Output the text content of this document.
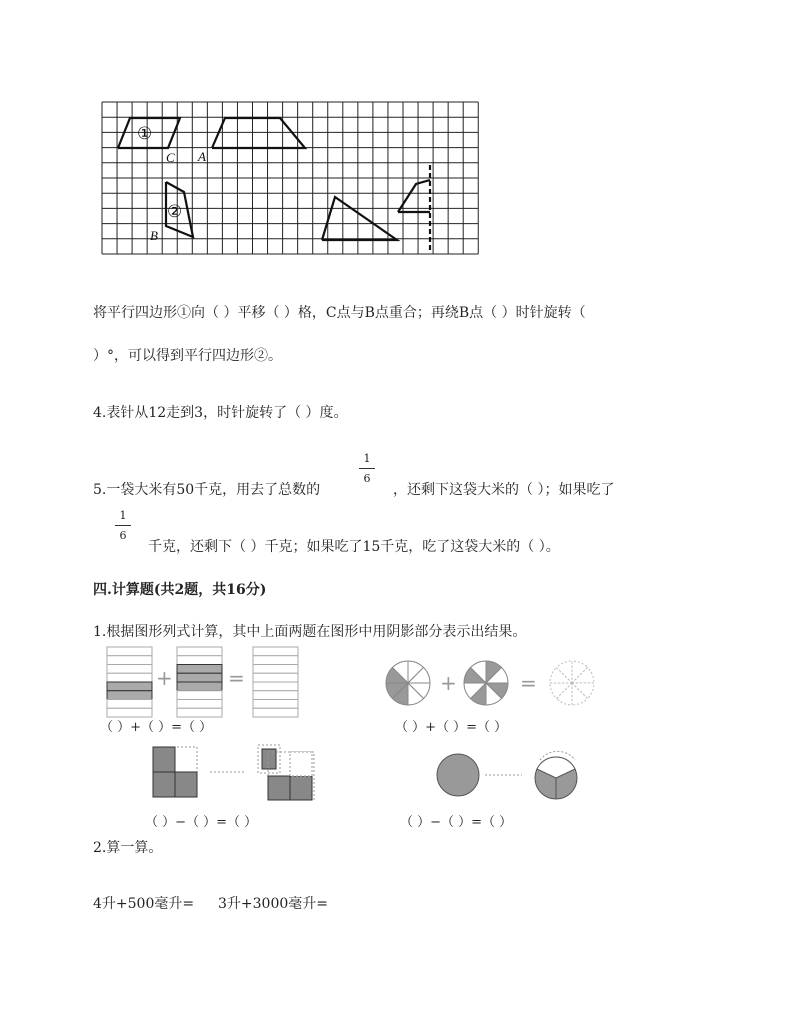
①
②
C A
B
将平行四边形①向（ ）平移（ ）格，C点与B点重合；再绕B点（ ）时针旋转（
）°，可以得到平行四边形②。
4.表针从12走到3，时针旋转了（ ）度。
1
6
5.一袋大米有50千克，用去了总数的	，还剩下这袋大米的（ ）；如果吃了
1
6
千克，还剩下（ ）千克；如果吃了15千克，吃了这袋大米的（ ）。
四.计算题(共2题，共16分)
1.根据图形列式计算，其中上面两题在图形中用阴影部分表示出结果。
+	=	+	=
（ ）+（ ）=（ ）	（ ）+（ ）=（ ）
（ ）−（ ）=（ ）	（ ）−（ ）=（ ）
2.算一算。
4升+500毫升= 3升+3000毫升=
